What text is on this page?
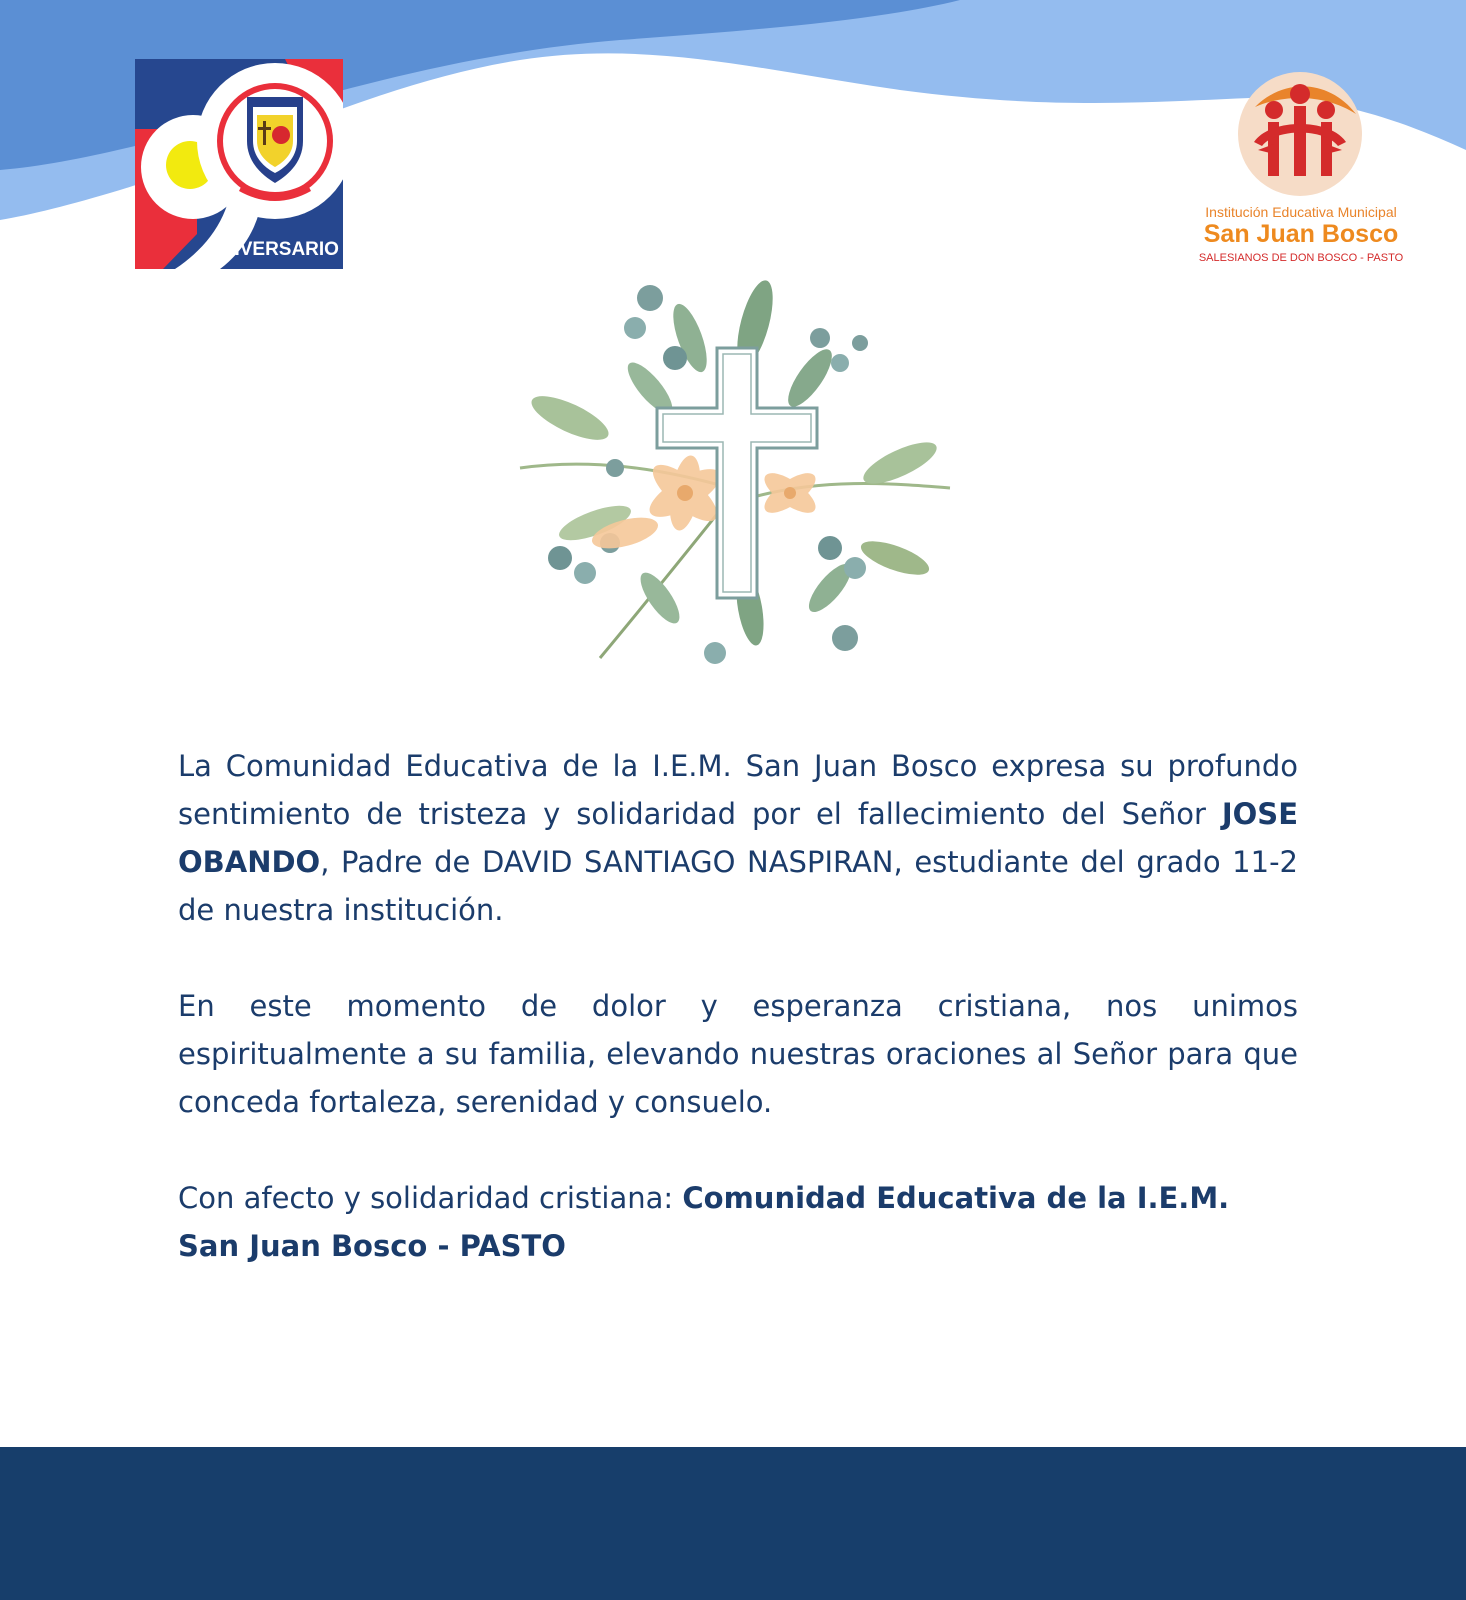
ANIVERSARIO
Institución Educativa Municipal
San Juan Bosco
SALESIANOS DE DON BOSCO - PASTO

La Comunidad Educativa de la I.E.M. San Juan Bosco expresa su profundo sentimiento de tristeza y solidaridad por el fallecimiento del Señor JOSE OBANDO, Padre de DAVID SANTIAGO NASPIRAN, estudiante del grado 11-2 de nuestra institución.

En este momento de dolor y esperanza cristiana, nos unimos espiritualmente a su familia, elevando nuestras oraciones al Señor para que conceda fortaleza, serenidad y consuelo.

Con afecto y solidaridad cristiana: Comunidad Educativa de la I.E.M. San Juan Bosco - PASTO
